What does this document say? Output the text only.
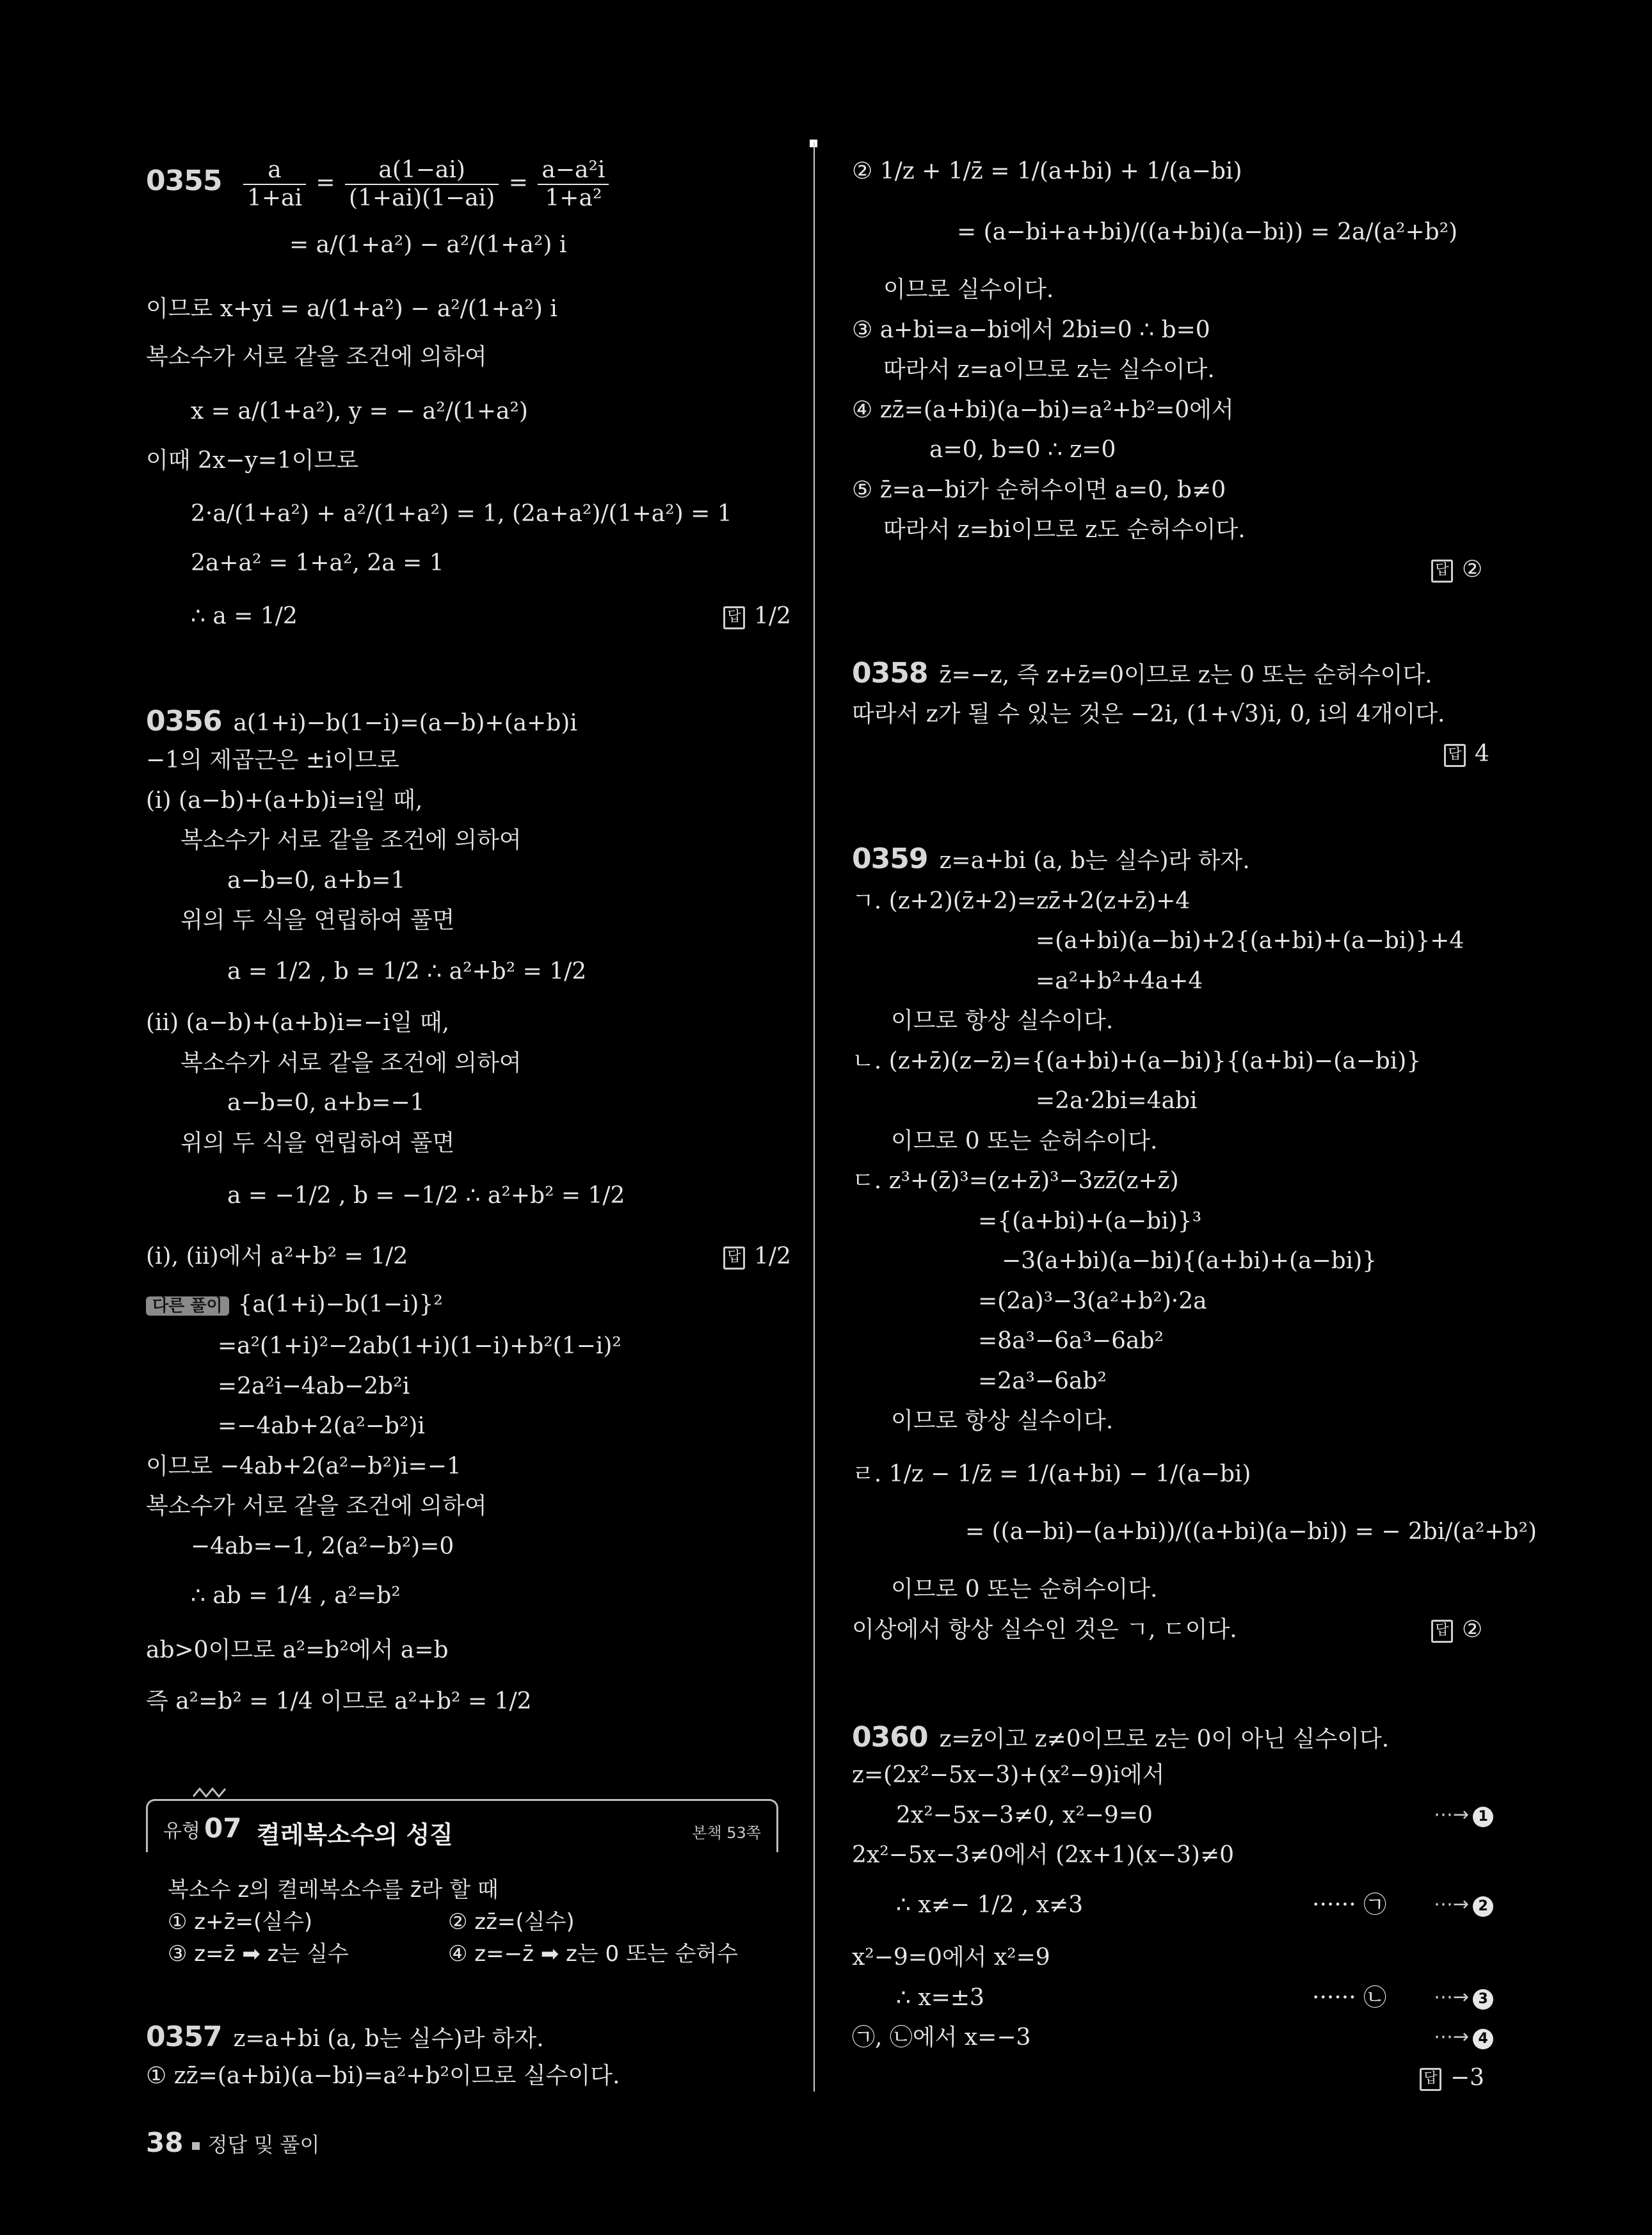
$0355 \frac{a}{1+ai} = \frac{a(1-ai)}{(1+ai)(1-ai)} = \frac{\text{a−a²i}}{\text{1+a²}}$
= a/(1+a²) − a²/(1+a²) i
이므로 x+yi = a/(1+a²) − a²/(1+a²) i
복소수가 서로 같을 조건에 의하여
x = a/(1+a²), y = − a²/(1+a²)
이때 2x−y=1이므로
2·a/(1+a²) + a²/(1+a²) = 1, (2a+a²)/(1+a²) = 1
2a+a² = 1+a², 2a = 1
∴ a = 1/2	답 1/2
0356 a(1+i)−b(1−i)=(a−b)+(a+b)i
−1의 제곱근은 ±i이므로
(i) (a−b)+(a+b)i=i일 때,
복소수가 서로 같을 조건에 의하여
a−b=0, a+b=1
위의 두 식을 연립하여 풀면
a = 1/2 , b = 1/2 ∴ a²+b² = 1/2
(ii) (a−b)+(a+b)i=−i일 때,
복소수가 서로 같을 조건에 의하여
a−b=0, a+b=−1
위의 두 식을 연립하여 풀면
a = −1/2 , b = −1/2 ∴ a²+b² = 1/2
(i), (ii)에서 a²+b² = 1/2	답 1/2
다른 풀이 {a(1+i)−b(1−i)}²
=a²(1+i)²−2ab(1+i)(1−i)+b²(1−i)²
=2a²i−4ab−2b²i
=−4ab+2(a²−b²)i
이므로 −4ab+2(a²−b²)i=−1
복소수가 서로 같을 조건에 의하여
−4ab=−1, 2(a²−b²)=0
∴ ab = 1/4 , a²=b²
ab>0이므로 a²=b²에서 a=b
즉 a²=b² = 1/4 이므로 a²+b² = 1/2
유형 07 켤레복소수의 성질	본책 53쪽
복소수 z의 켤레복소수를 z̄라 할 때
① z+z̄=(실수)	② zz̄=(실수)
③ z=z̄ ➡ z는 실수	④ z=−z̄ ➡ z는 0 또는 순허수
0357 z=a+bi (a, b는 실수)라 하자.
① zz̄=(a+bi)(a−bi)=a²+b²이므로 실수이다.
② 1/z + 1/z̄ = 1/(a+bi) + 1/(a−bi)
= (a−bi+a+bi)/((a+bi)(a−bi)) = 2a/(a²+b²)
이므로 실수이다.
③ a+bi=a−bi에서 2bi=0 ∴ b=0
따라서 z=a이므로 z는 실수이다.
④ zz̄=(a+bi)(a−bi)=a²+b²=0에서
a=0, b=0 ∴ z=0
⑤ z̄=a−bi가 순허수이면 a=0, b≠0
따라서 z=bi이므로 z도 순허수이다.
답 ②
0358 z̄=−z, 즉 z+z̄=0이므로 z는 0 또는 순허수이다.
따라서 z가 될 수 있는 것은 −2i, (1+√3)i, 0, i의 4개이다.
답 4
0359 z=a+bi (a, b는 실수)라 하자.
ㄱ. (z+2)(z̄+2)=zz̄+2(z+z̄)+4
=(a+bi)(a−bi)+2{(a+bi)+(a−bi)}+4
=a²+b²+4a+4
이므로 항상 실수이다.
ㄴ. (z+z̄)(z−z̄)={(a+bi)+(a−bi)}{(a+bi)−(a−bi)}
=2a·2bi=4abi
이므로 0 또는 순허수이다.
ㄷ. z³+(z̄)³=(z+z̄)³−3zz̄(z+z̄)
={(a+bi)+(a−bi)}³
−3(a+bi)(a−bi){(a+bi)+(a−bi)}
=(2a)³−3(a²+b²)·2a
=8a³−6a³−6ab²
=2a³−6ab²
이므로 항상 실수이다.
ㄹ. 1/z − 1/z̄ = 1/(a+bi) − 1/(a−bi)
= ((a−bi)−(a+bi))/((a+bi)(a−bi)) = − 2bi/(a²+b²)
이므로 0 또는 순허수이다.
이상에서 항상 실수인 것은 ㄱ, ㄷ이다.	답 ②
0360 z=z̄이고 z≠0이므로 z는 0이 아닌 실수이다.
z=(2x²−5x−3)+(x²−9)i에서
2x²−5x−3≠0, x²−9=0	⋯→ 1
2x²−5x−3≠0에서 (2x+1)(x−3)≠0
∴ x≠− 1/2 , x≠3	······ ㉠ ⋯→ 2
x²−9=0에서 x²=9
∴ x=±3	······ ㉡ ⋯→ 3
㉠, ㉡에서 x=−3	⋯→ 4
답 −3
38 정답 및 풀이
